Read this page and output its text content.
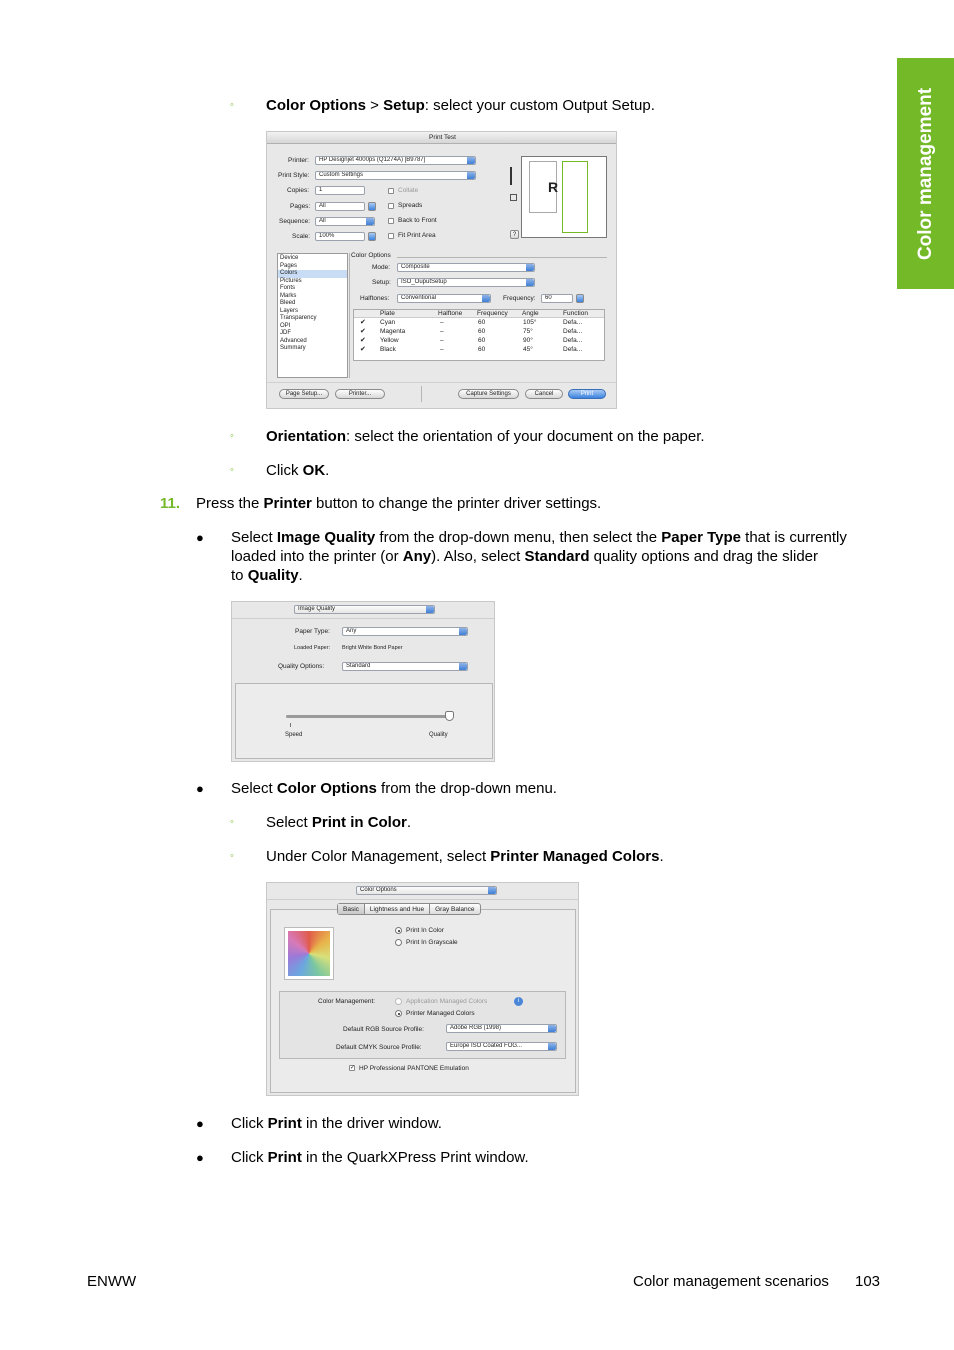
Color management
◦ Color Options > Setup: select your custom Output Setup.
Print Test
Printer:	HP Designjet 4000ps (Q1274A) [B9787]
Print Style:	Custom Settings
Copies:	1	Collate
Pages:	All	Spreads
Sequence:	All	Back to Front
Scale:	100%	Fit Print Area
R
?
Device
Pages
Colors
Pictures
Fonts
Marks
Bleed
Layers
Transparency
OPI
JDF
Advanced
Summary
Color Options
Mode:	Composite
Setup:	ISO_OuputSetup
Halftones:	Conventional	Frequency:	60
Plate	Halftone Frequency Angle	Function
✔ Cyan	–	60	105°	Defa...
✔ Magenta	–	60	75°	Defa...
✔ Yellow	–	60	90°	Defa...
✔ Black	–	60	45°	Defa...
Page Setup...	Printer...	Capture Settings	Cancel	Print
◦ Orientation: select the orientation of your document on the paper.
◦ Click OK.
11. Press the Printer button to change the printer driver settings.
● Select Image Quality from the drop-down menu, then select the Paper Type that is currently
loaded into the printer (or Any). Also, select Standard quality options and drag the slider
to Quality.
Image Quality
Paper Type:	Any
Loaded Paper: Bright White Bond Paper
Quality Options:	Standard
Speed	Quality
● Select Color Options from the drop-down menu.
◦ Select Print in Color.
◦ Under Color Management, select Printer Managed Colors.
Color Options
Basic	Lightness and Hue	Gray Balance
Print In Color
Print In Grayscale
Color Management:	Application Managed Colors	i
Printer Managed Colors
Default RGB Source Profile:	Adobe RGB (1998)
Default CMYK Source Profile:	Europe ISO Coated FOG...
✓ HP Professional PANTONE Emulation
● Click Print in the driver window.
● Click Print in the QuarkXPress Print window.
ENWW	Color management scenarios 103
